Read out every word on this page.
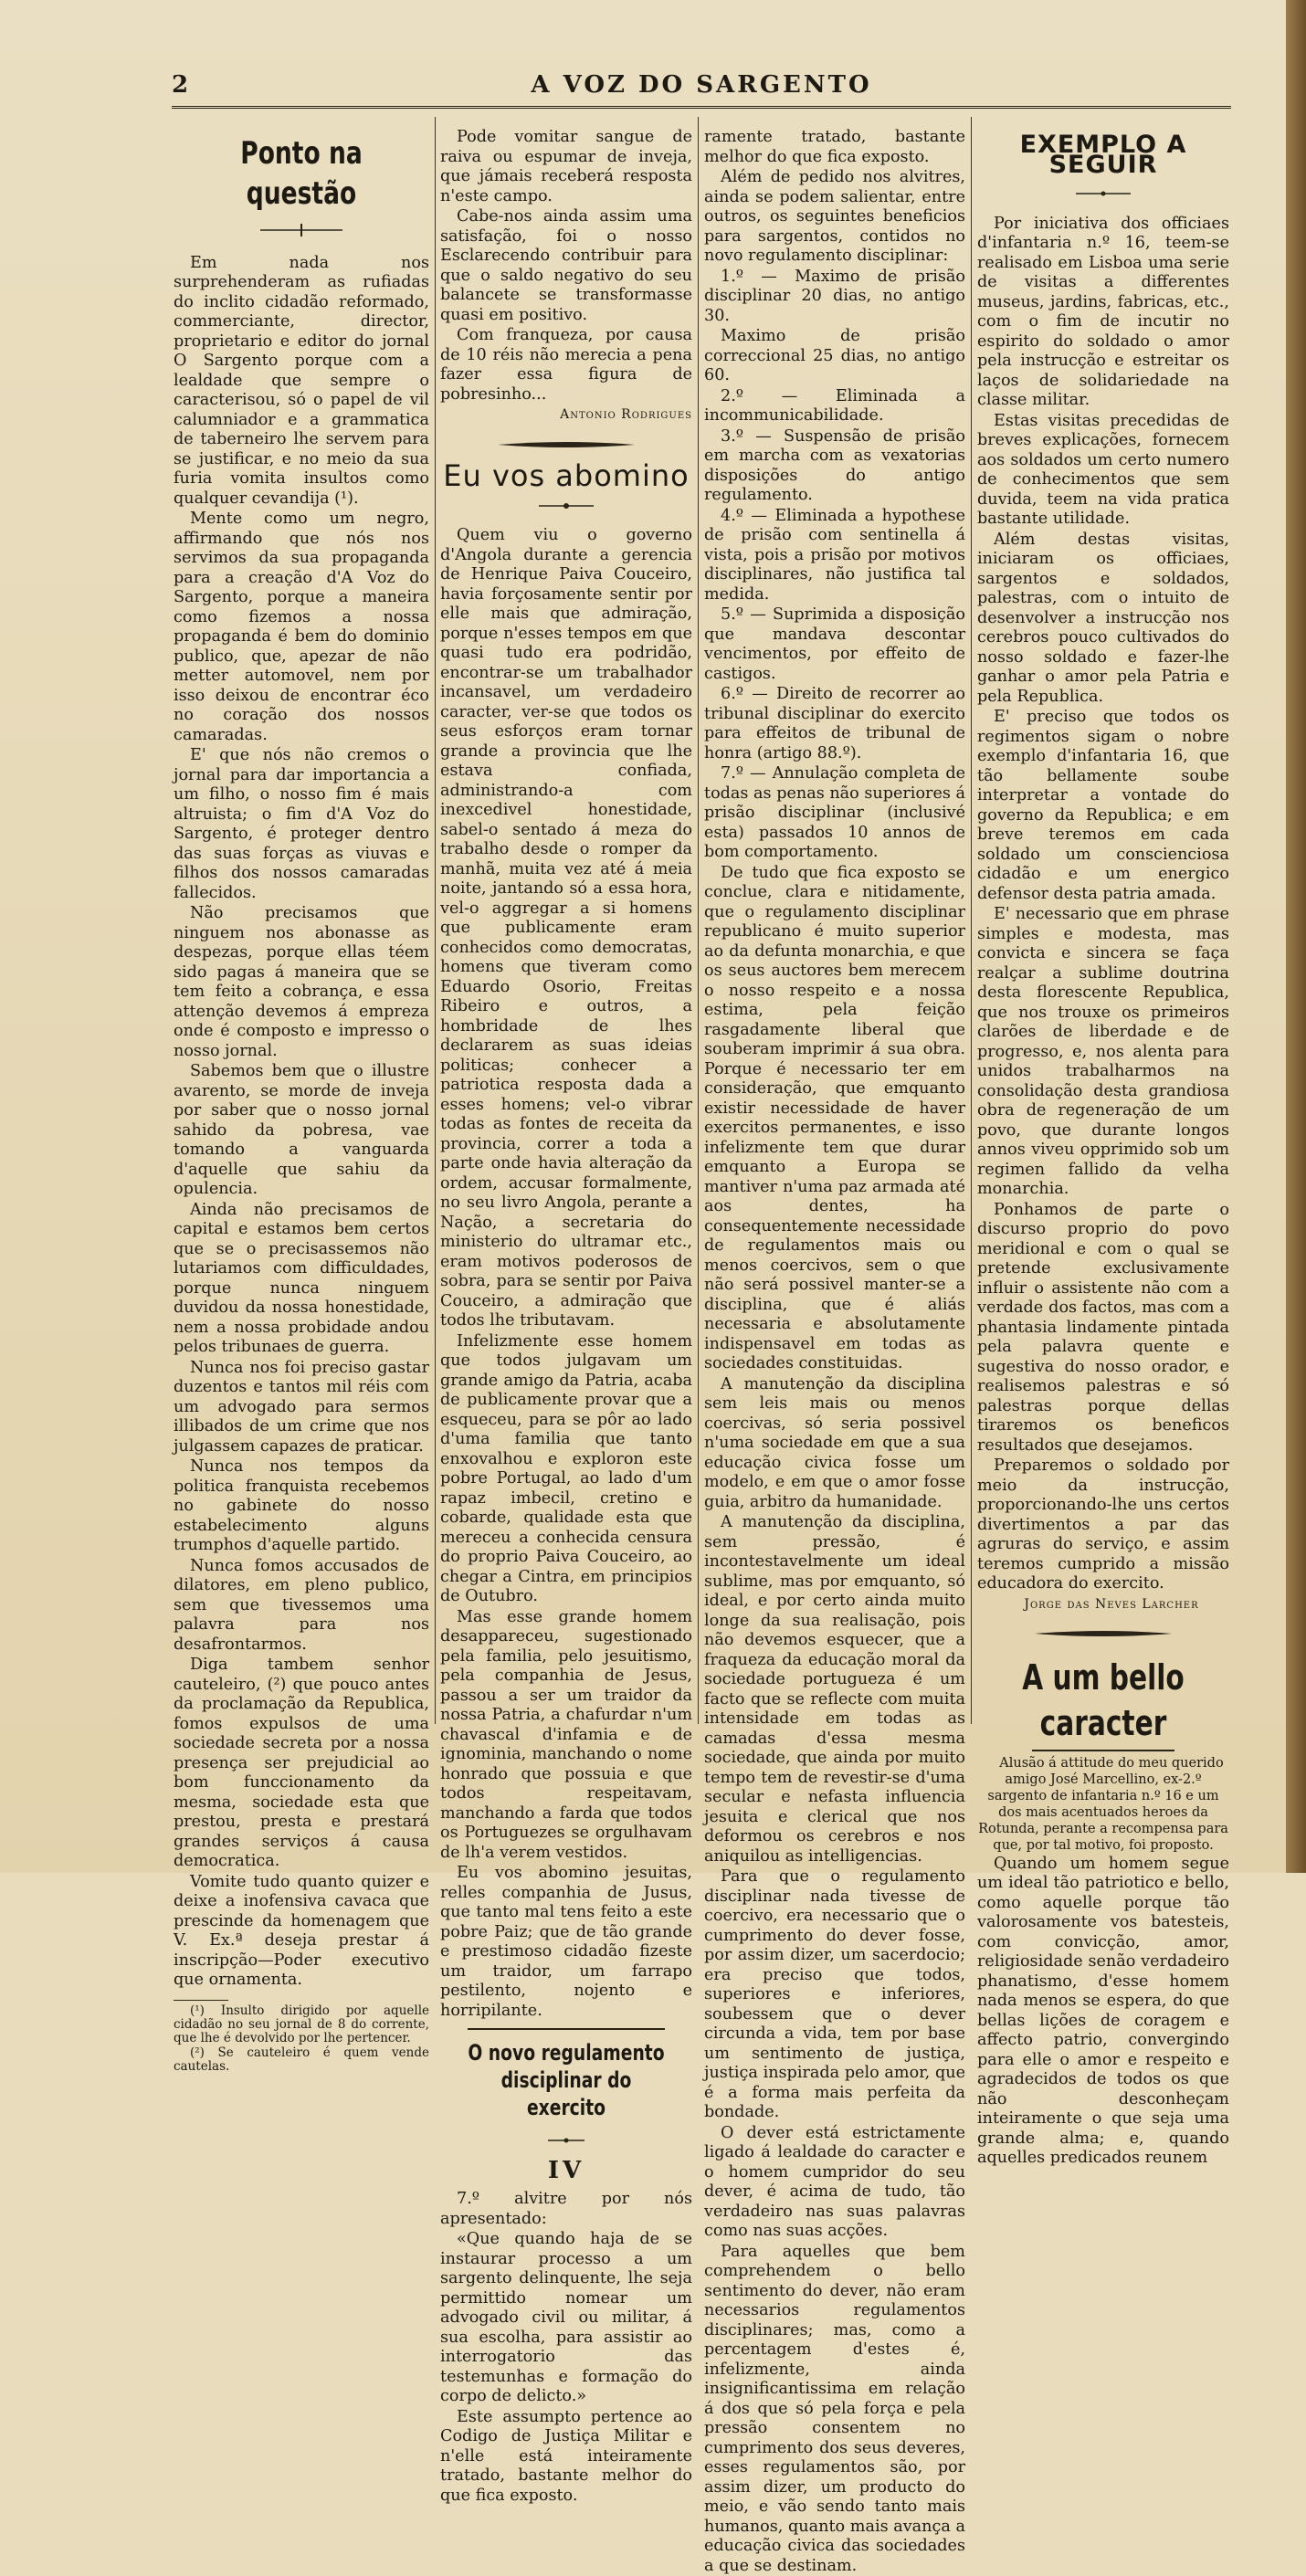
2	A VOZ DO SARGENTO
Ponto na questão

Em nada nos surprehenderam as rufiadas do inclito cidadão reformado, commerciante, director, proprietario e editor do jornal O Sargento porque com a lealdade que sempre o caracterisou, só o papel de vil calumniador e a grammatica de taberneiro lhe servem para se justificar, e no meio da sua furia vomita insultos como qualquer cevandija (¹).

Mente como um negro, affirmando que nós nos servimos da sua propaganda para a creação d'A Voz do Sargento, porque a maneira como fizemos a nossa propaganda é bem do dominio publico, que, apezar de não metter automovel, nem por isso deixou de encontrar éco no coração dos nossos camaradas.

E' que nós não cremos o jornal para dar importancia a um filho, o nosso fim é mais altruista; o fim d'A Voz do Sargento, é proteger dentro das suas forças as viuvas e filhos dos nossos camaradas fallecidos.

Não precisamos que ninguem nos abonasse as despezas, porque ellas téem sido pagas á maneira que se tem feito a cobrança, e essa attenção devemos á empreza onde é composto e impresso o nosso jornal.

Sabemos bem que o illustre avarento, se morde de inveja por saber que o nosso jornal sahido da pobresa, vae tomando a vanguarda d'aquelle que sahiu da opulencia.

Ainda não precisamos de capital e estamos bem certos que se o precisassemos não lutariamos com difficuldades, porque nunca ninguem duvidou da nossa honestidade, nem a nossa probidade andou pelos tribunaes de guerra.

Nunca nos foi preciso gastar duzentos e tantos mil réis com um advogado para sermos illibados de um crime que nos julgassem capazes de praticar.

Nunca nos tempos da politica franquista recebemos no gabinete do nosso estabelecimento alguns trumphos d'aquelle partido.

Nunca fomos accusados de dilatores, em pleno publico, sem que tivessemos uma palavra para nos desafrontarmos.

Diga tambem senhor cauteleiro, (²) que pouco antes da proclamação da Republica, fomos expulsos de uma sociedade secreta por a nossa presença ser prejudicial ao bom funccionamento da mesma, sociedade esta que prestou, presta e prestará grandes serviços á causa democratica.

Vomite tudo quanto quizer e deixe a inofensiva cavaca que prescinde da homenagem que V. Ex.ª deseja prestar á inscripção—Poder executivo que ornamenta.

(¹) Insulto dirigido por aquelle cidadão no seu jornal de 8 do corrente, que lhe é devolvido por lhe pertencer.

(²) Se cauteleiro é quem vende cautelas.

Pode vomitar sangue de raiva ou espumar de inveja, que jámais receberá resposta n'este campo.

Cabe-nos ainda assim uma satisfação, foi o nosso Esclarecendo contribuir para que o saldo negativo do seu balancete se transformasse quasi em positivo.

Com franqueza, por causa de 10 réis não merecia a pena fazer essa figura de pobresinho...

Antonio Rodrigues

Eu vos abomino

Quem viu o governo d'Angola durante a gerencia de Henrique Paiva Couceiro, havia forçosamente sentir por elle mais que admiração, porque n'esses tempos em que quasi tudo era podridão, encontrar-se um trabalhador incansavel, um verdadeiro caracter, ver-se que todos os seus esforços eram tornar grande a provincia que lhe estava confiada, administrando-a com inexcedivel honestidade, sabel-o sentado á meza do trabalho desde o romper da manhã, muita vez até á meia noite, jantando só a essa hora, vel-o aggregar a si homens que publicamente eram conhecidos como democratas, homens que tiveram como Eduardo Osorio, Freitas Ribeiro e outros, a hombridade de lhes declararem as suas ideias politicas; conhecer a patriotica resposta dada a esses homens; vel-o vibrar todas as fontes de receita da provincia, correr a toda a parte onde havia alteração da ordem, accusar formalmente, no seu livro Angola, perante a Nação, a secretaria do ministerio do ultramar etc., eram motivos poderosos de sobra, para se sentir por Paiva Couceiro, a admiração que todos lhe tributavam.

Infelizmente esse homem que todos julgavam um grande amigo da Patria, acaba de publicamente provar que a esqueceu, para se pôr ao lado d'uma familia que tanto enxovalhou e exploron este pobre Portugal, ao lado d'um rapaz imbecil, cretino e cobarde, qualidade esta que mereceu a conhecida censura do proprio Paiva Couceiro, ao chegar a Cintra, em principios de Outubro.

Mas esse grande homem desappareceu, sugestionado pela familia, pelo jesuitismo, pela companhia de Jesus, passou a ser um traidor da nossa Patria, a chafurdar n'um chavascal d'infamia e de ignominia, manchando o nome honrado que possuia e que todos respeitavam, manchando a farda que todos os Portuguezes se orgulhavam de lh'a verem vestidos.

Eu vos abomino jesuitas, relles companhia de Jusus, que tanto mal tens feito a este pobre Paiz; que de tão grande e prestimoso cidadão fizeste um traidor, um farrapo pestilento, nojento e horripilante.

O novo regulamento disciplinar do exercito
IV

7.º alvitre por nós apresentado:

«Que quando haja de se instaurar processo a um sargento delinquente, lhe seja permittido nomear um advogado civil ou militar, á sua escolha, para assistir ao interrogatorio das testemunhas e formação do corpo de delicto.»

Este assumpto pertence ao Codigo de Justiça Militar e n'elle está inteiramente tratado, bastante melhor do que fica exposto.

ramente tratado, bastante melhor do que fica exposto.

Além de pedido nos alvitres, ainda se podem salientar, entre outros, os seguintes beneficios para sargentos, contidos no novo regulamento disciplinar:

1.º — Maximo de prisão disciplinar 20 dias, no antigo 30.

Maximo de prisão correccional 25 dias, no antigo 60.

2.º — Eliminada a incommunicabilidade.

3.º — Suspensão de prisão em marcha com as vexatorias disposições do antigo regulamento.

4.º — Eliminada a hypothese de prisão com sentinella á vista, pois a prisão por motivos disciplinares, não justifica tal medida.

5.º — Suprimida a disposição que mandava descontar vencimentos, por effeito de castigos.

6.º — Direito de recorrer ao tribunal disciplinar do exercito para effeitos de tribunal de honra (artigo 88.º).

7.º — Annulação completa de todas as penas não superiores á prisão disciplinar (inclusivé esta) passados 10 annos de bom comportamento.

De tudo que fica exposto se conclue, clara e nitidamente, que o regulamento disciplinar republicano é muito superior ao da defunta monarchia, e que os seus auctores bem merecem o nosso respeito e a nossa estima, pela feição rasgadamente liberal que souberam imprimir á sua obra. Porque é necessario ter em consideração, que emquanto existir necessidade de haver exercitos permanentes, e isso infelizmente tem que durar emquanto a Europa se mantiver n'uma paz armada até aos dentes, ha consequentemente necessidade de regulamentos mais ou menos coercivos, sem o que não será possivel manter-se a disciplina, que é aliás necessaria e absolutamente indispensavel em todas as sociedades constituidas.

A manutenção da disciplina sem leis mais ou menos coercivas, só seria possivel n'uma sociedade em que a sua educação civica fosse um modelo, e em que o amor fosse guia, arbitro da humanidade.

A manutenção da disciplina, sem pressão, é incontestavelmente um ideal sublime, mas por emquanto, só ideal, e por certo ainda muito longe da sua realisação, pois não devemos esquecer, que a fraqueza da educação moral da sociedade portugueza é um facto que se reflecte com muita intensidade em todas as camadas d'essa mesma sociedade, que ainda por muito tempo tem de revestir-se d'uma secular e nefasta influencia jesuita e clerical que nos deformou os cerebros e nos aniquilou as intelligencias.

Para que o regulamento disciplinar nada tivesse de coercivo, era necessario que o cumprimento do dever fosse, por assim dizer, um sacerdocio; era preciso que todos, superiores e inferiores, soubessem que o dever circunda a vida, tem por base um sentimento de justiça, justiça inspirada pelo amor, que é a forma mais perfeita da bondade.

O dever está estrictamente ligado á lealdade do caracter e o homem cumpridor do seu dever, é acima de tudo, tão verdadeiro nas suas palavras como nas suas acções.

Para aquelles que bem comprehendem o bello sentimento do dever, não eram necessarios regulamentos disciplinares; mas, como a percentagem d'estes é, infelizmente, ainda insignificantissima em relação á dos que só pela força e pela pressão consentem no cumprimento dos seus deveres, esses regulamentos são, por assim dizer, um producto do meio, e vão sendo tanto mais humanos, quanto mais avança a educação civica das sociedades a que se destinam.

EXEMPLO A SEGUIR

Por iniciativa dos officiaes d'infantaria n.º 16, teem-se realisado em Lisboa uma serie de visitas a differentes museus, jardins, fabricas, etc., com o fim de incutir no espirito do soldado o amor pela instrucção e estreitar os laços de solidariedade na classe militar.

Estas visitas precedidas de breves explicações, fornecem aos soldados um certo numero de conhecimentos que sem duvida, teem na vida pratica bastante utilidade.

Além destas visitas, iniciaram os officiaes, sargentos e soldados, palestras, com o intuito de desenvolver a instrucção nos cerebros pouco cultivados do nosso soldado e fazer-lhe ganhar o amor pela Patria e pela Republica.

E' preciso que todos os regimentos sigam o nobre exemplo d'infantaria 16, que tão bellamente soube interpretar a vontade do governo da Republica; e em breve teremos em cada soldado um conscienciosa cidadão e um energico defensor desta patria amada.

E' necessario que em phrase simples e modesta, mas convicta e sincera se faça realçar a sublime doutrina desta florescente Republica, que nos trouxe os primeiros clarões de liberdade e de progresso, e, nos alenta para unidos trabalharmos na consolidação desta grandiosa obra de regeneração de um povo, que durante longos annos viveu opprimido sob um regimen fallido da velha monarchia.

Ponhamos de parte o discurso proprio do povo meridional e com o qual se pretende exclusivamente influir o assistente não com a verdade dos factos, mas com a phantasia lindamente pintada pela palavra quente e sugestiva do nosso orador, e realisemos palestras e só palestras porque dellas tiraremos os beneficos resultados que desejamos.

Preparemos o soldado por meio da instrucção, proporcionando-lhe uns certos divertimentos a par das agruras do serviço, e assim teremos cumprido a missão educadora do exercito.

Jorge das Neves Larcher

A um bello caracter

Alusão á attitude do meu querido amigo José Marcellino, ex-2.º sargento de infantaria n.º 16 e um dos mais acentuados heroes da Rotunda, perante a recompensa para que, por tal motivo, foi proposto.

Quando um homem segue um ideal tão patriotico e bello, como aquelle porque tão valorosamente vos batesteis, com convicção, amor, religiosidade senão verdadeiro phanatismo, d'esse homem nada menos se espera, do que bellas lições de coragem e affecto patrio, convergindo para elle o amor e respeito e agradecidos de todos os que não desconheçam inteiramente o que seja uma grande alma; e, quando aquelles predicados reunem
